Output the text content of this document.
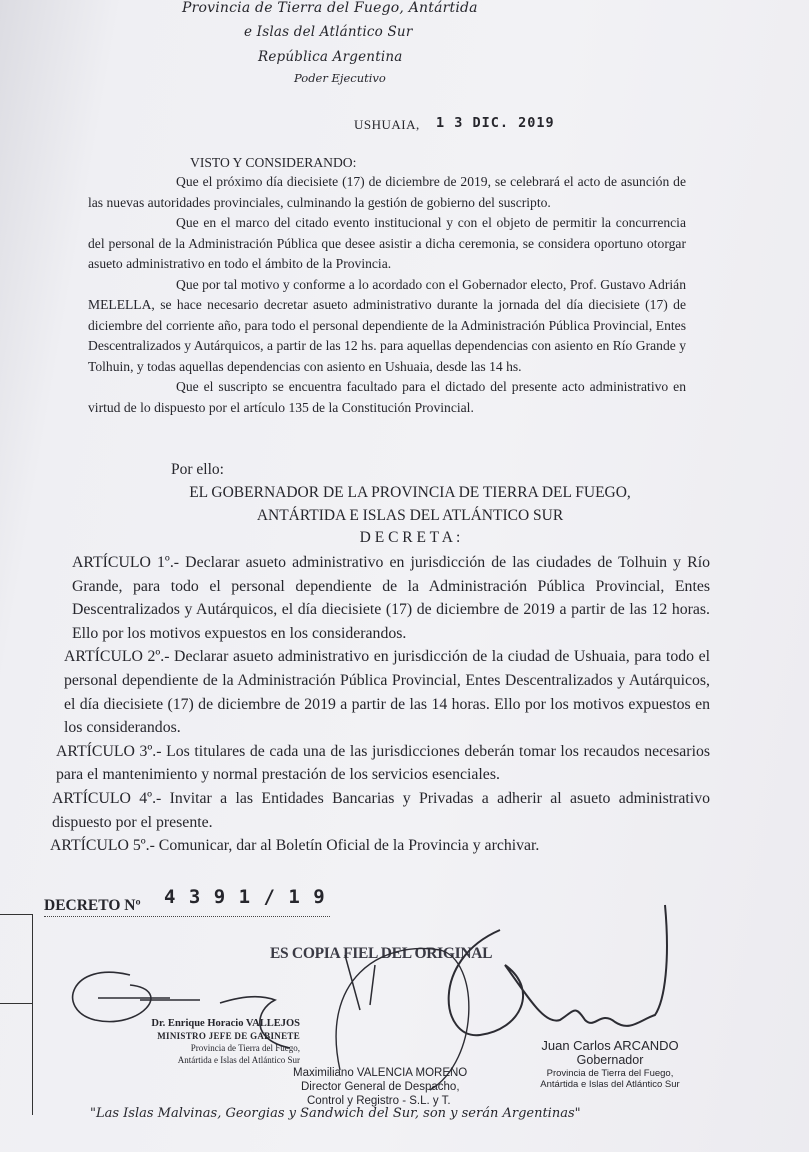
Provincia de Tierra del Fuego, Antártida
e Islas del Atlántico Sur
República Argentina
Poder Ejecutivo
USHUAIA, 1 3 DIC. 2019
VISTO Y CONSIDERANDO:

Que el próximo día diecisiete (17) de diciembre de 2019, se celebrará el acto de asunción de las nuevas autoridades provinciales, culminando la gestión de gobierno del suscripto.

Que en el marco del citado evento institucional y con el objeto de permitir la concurrencia del personal de la Administración Pública que desee asistir a dicha ceremonia, se considera oportuno otorgar asueto administrativo en todo el ámbito de la Provincia.

Que por tal motivo y conforme a lo acordado con el Gobernador electo, Prof. Gustavo Adrián MELELLA, se hace necesario decretar asueto administrativo durante la jornada del día diecisiete (17) de diciembre del corriente año, para todo el personal dependiente de la Administración Pública Provincial, Entes Descentralizados y Autárquicos, a partir de las 12 hs. para aquellas dependencias con asiento en Río Grande y Tolhuin, y todas aquellas dependencias con asiento en Ushuaia, desde las 14 hs.

Que el suscripto se encuentra facultado para el dictado del presente acto administrativo en virtud de lo dispuesto por el artículo 135 de la Constitución Provincial.

Por ello:
EL GOBERNADOR DE LA PROVINCIA DE TIERRA DEL FUEGO,
ANTÁRTIDA E ISLAS DEL ATLÁNTICO SUR
D E C R E T A :

ARTÍCULO 1º.- Declarar asueto administrativo en jurisdicción de las ciudades de Tolhuin y Río Grande, para todo el personal dependiente de la Administración Pública Provincial, Entes Descentralizados y Autárquicos, el día diecisiete (17) de diciembre de 2019 a partir de las 12 horas. Ello por los motivos expuestos en los considerandos.

ARTÍCULO 2º.- Declarar asueto administrativo en jurisdicción de la ciudad de Ushuaia, para todo el personal dependiente de la Administración Pública Provincial, Entes Descentralizados y Autárquicos, el día diecisiete (17) de diciembre de 2019 a partir de las 14 horas. Ello por los motivos expuestos en los considerandos.

ARTÍCULO 3º.- Los titulares de cada una de las jurisdicciones deberán tomar los recaudos necesarios para el mantenimiento y normal prestación de los servicios esenciales.

ARTÍCULO 4º.- Invitar a las Entidades Bancarias y Privadas a adherir al asueto administrativo dispuesto por el presente.

ARTÍCULO 5º.- Comunicar, dar al Boletín Oficial de la Provincia y archivar.

DECRETO Nº 4 3 9 1 / 1 9
ES COPIA FIEL DEL ORIGINAL
Dr. Enrique Horacio VALLEJOS
MINISTRO JEFE DE GABINETE
Provincia de Tierra del Fuego,
Antártida e Islas del Atlántico Sur
Maximiliano VALENCIA MORENO
Director General de Despacho,
Control y Registro - S.L. y T.
Juan Carlos ARCANDO
Gobernador
Provincia de Tierra del Fuego,
Antártida e Islas del Atlántico Sur
"Las Islas Malvinas, Georgias y Sandwich del Sur, son y serán Argentinas"
